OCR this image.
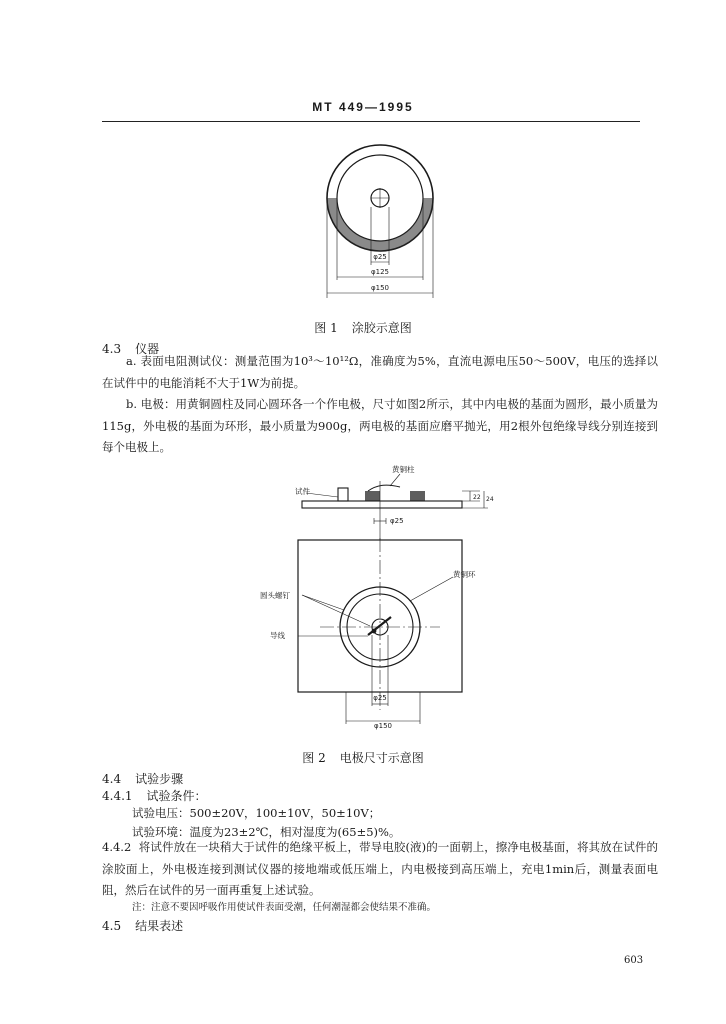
MT 449—1995
φ25
φ125
φ150
图 1 涂胶示意图
4.3 仪器
a. 表面电阻测试仪：测量范围为10³～10¹²Ω，准确度为5%，直流电源电压50～500V，电压的选择以在试件中的电能消耗不大于1W为前提。
b. 电极：用黄铜圆柱及同心圆环各一个作电极，尺寸如图2所示，其中内电极的基面为圆形，最小质量为115g，外电极的基面为环形，最小质量为900g，两电极的基面应磨平抛光，用2根外包绝缘导线分别连接到每个电极上。
试件
黄铜柱
22 24
φ25
黄铜环
圆头螺钉
导线
φ25
φ150
图 2 电极尺寸示意图
4.4 试验步骤
4.4.1 试验条件：
试验电压：500±20V，100±10V，50±10V；
试验环境：温度为23±2℃，相对湿度为(65±5)%。
4.4.2 将试件放在一块稍大于试件的绝缘平板上，带导电胶(液)的一面朝上，擦净电极基面，将其放在试件的涂胶面上，外电极连接到测试仪器的接地端或低压端上，内电极接到高压端上，充电1min后，测量表面电阻，然后在试件的另一面再重复上述试验。
注：注意不要因呼吸作用使试件表面受潮，任何潮湿都会使结果不准确。
4.5 结果表述
603
